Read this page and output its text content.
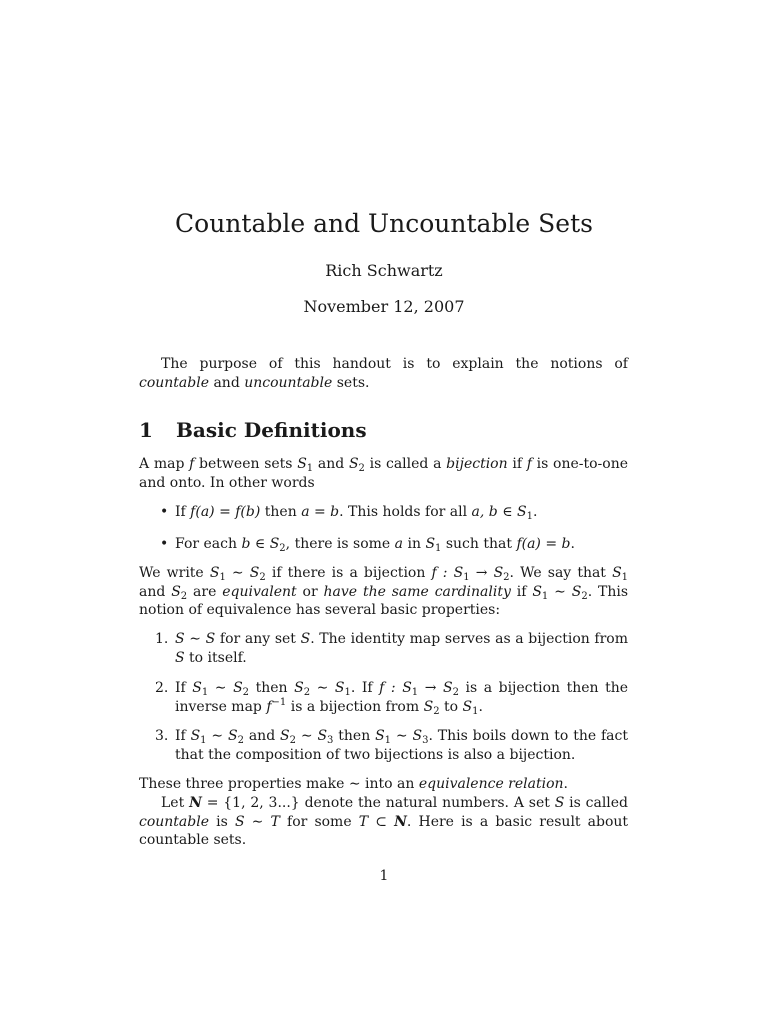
Countable and Uncountable Sets
Rich Schwartz
November 12, 2007
The purpose of this handout is to explain the notions of countable and uncountable sets.
1 Basic Definitions
A map f between sets $S_1$ and $S_2$ is called a bijection if f is one-to-one and onto. In other words
• If f(a) = f(b) then a = b. This holds for all a, b ∈ $S_1$.
• For each b ∈ $S_2$, there is some a in $S_1$ such that f(a) = b.
We write $S_1$ ∼ $S_2$ if there is a bijection f : $S_1 \to S_2$. We say that $S_1$ and $S_2$ are equivalent or have the same cardinality if $S_1$ ∼ $S_2$. This notion of equivalence has several basic properties:
1. S ∼ S for any set S. The identity map serves as a bijection from S to itself.
2. If $S_1$ ∼ $S_2$ then $S_2$ ∼ $S_1$. If f : $S_1 \to S_2$ is a bijection then the inverse map $f^{-1}$ is a bijection from $S_2$ to $S_1$.
3. If $S_1$ ∼ $S_2$ and $S_2$ ∼ $S_3$ then $S_1$ ∼ $S_3$. This boils down to the fact that the composition of two bijections is also a bijection.
These three properties make ∼ into an equivalence relation.
Let N = {1, 2, 3...} denote the natural numbers. A set S is called countable is S ∼ T for some T ⊂ N. Here is a basic result about countable sets.
1
